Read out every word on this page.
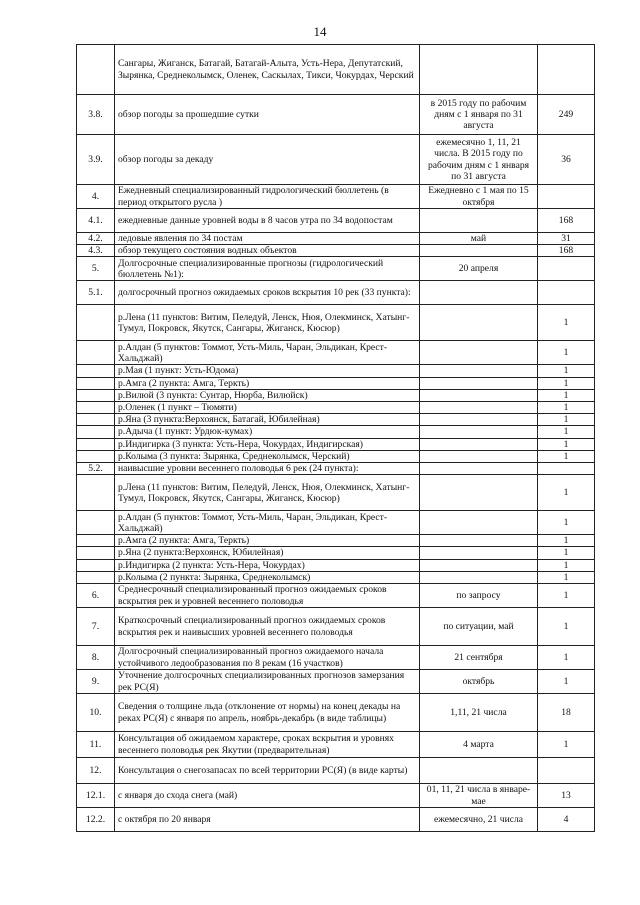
14
	Сангары, Жиганск, Батагай, Батагай-Алыта, Усть-Нера, Депутатский, Зырянка, Среднеколымск, Оленек, Саскылах, Тикси, Чокурдах, Черский		
3.8.	обзор погоды за прошедшие сутки	в 2015 году по рабочим дням с 1 января по 31 августа	249
3.9.	обзор погоды за декаду	ежемесячно 1, 11, 21 числа. В 2015 году по рабочим дням с 1 января по 31 августа	36
4.	Ежедневный специализированный гидрологический бюллетень (в период открытого русла )	Ежедневно с 1 мая по 15 октября	
4.1.	ежедневные данные уровней воды в 8 часов утра по 34 водопостам		168
4.2.	ледовые явления по 34 постам	май	31
4.3.	обзор текущего состояния водных объектов		168
5.	Долгосрочные специализированные прогнозы (гидрологический бюллетень №1):	20 апреля	
5.1.	долгосрочный прогноз ожидаемых сроков вскрытия 10 рек (33 пункта):		
	р.Лена (11 пунктов: Витим, Пеледуй, Ленск, Нюя, Олекминск, Хатынг-Тумул, Покровск, Якутск, Сангары, Жиганск, Кюсюр)		1
	р.Алдан (5 пунктов: Томмот, Усть-Миль, Чаран, Эльдикан, Крест-Хальджай)		1
	р.Мая (1 пункт: Усть-Юдома)		1
	р.Амга (2 пункта: Амга, Теркть)		1
	р.Вилюй (3 пункта: Сунтар, Нюрба, Вилюйск)		1
	р.Оленек (1 пункт – Тюмяти)		1
	р.Яна (3 пункта:Верхоянск, Батагай, Юбилейная)		1
	р.Адыча (1 пункт: Урдюк-кумах)		1
	р.Индигирка (3 пункта: Усть-Нера, Чокурдах, Индигирская)		1
	р.Колыма (3 пункта: Зырянка, Среднеколымск, Черский)		1
5.2.	наивысшие уровни весеннего половодья 6 рек (24 пункта):		
	р.Лена (11 пунктов: Витим, Пеледуй, Ленск, Нюя, Олекминск, Хатынг-Тумул, Покровск, Якутск, Сангары, Жиганск, Кюсюр)		1
	р.Алдан (5 пунктов: Томмот, Усть-Миль, Чаран, Эльдикан, Крест-Хальджай)		1
	р.Амга (2 пункта: Амга, Теркть)		1
	р.Яна (2 пункта:Верхоянск, Юбилейная)		1
	р.Индигирка (2 пункта: Усть-Нера, Чокурдах)		1
	р.Колыма (2 пункта: Зырянка, Среднеколымск)		1
6.	Среднесрочный специализированный прогноз ожидаемых сроков вскрытия рек и уровней весеннего половодья	по запросу	1
7.	Краткосрочный специализированный прогноз ожидаемых сроков вскрытия рек и наивысших уровней весеннего половодья	по ситуации, май	1
8.	Долгосрочный специализированный прогноз ожидаемого начала устойчивого ледообразования по 8 рекам (16 участков)	21 сентября	1
9.	Уточнение долгосрочных специализированных прогнозов замерзания рек РС(Я)	октябрь	1
10.	Сведения о толщине льда (отклонение от нормы) на конец декады на реках РС(Я) с января по апрель, ноябрь-декабрь (в виде таблицы)	1,11, 21 числа	18
11.	Консультация об ожидаемом характере, сроках вскрытия и уровнях весеннего половодья рек Якутии (предварительная)	4 марта	1
12.	Консультация о снегозапасах по всей территории РС(Я) (в виде карты)		
12.1.	с января до схода снега (май)	01, 11, 21 числа в январе-мае	13
12.2.	с октября по 20 января	ежемесячно, 21 числа	4
